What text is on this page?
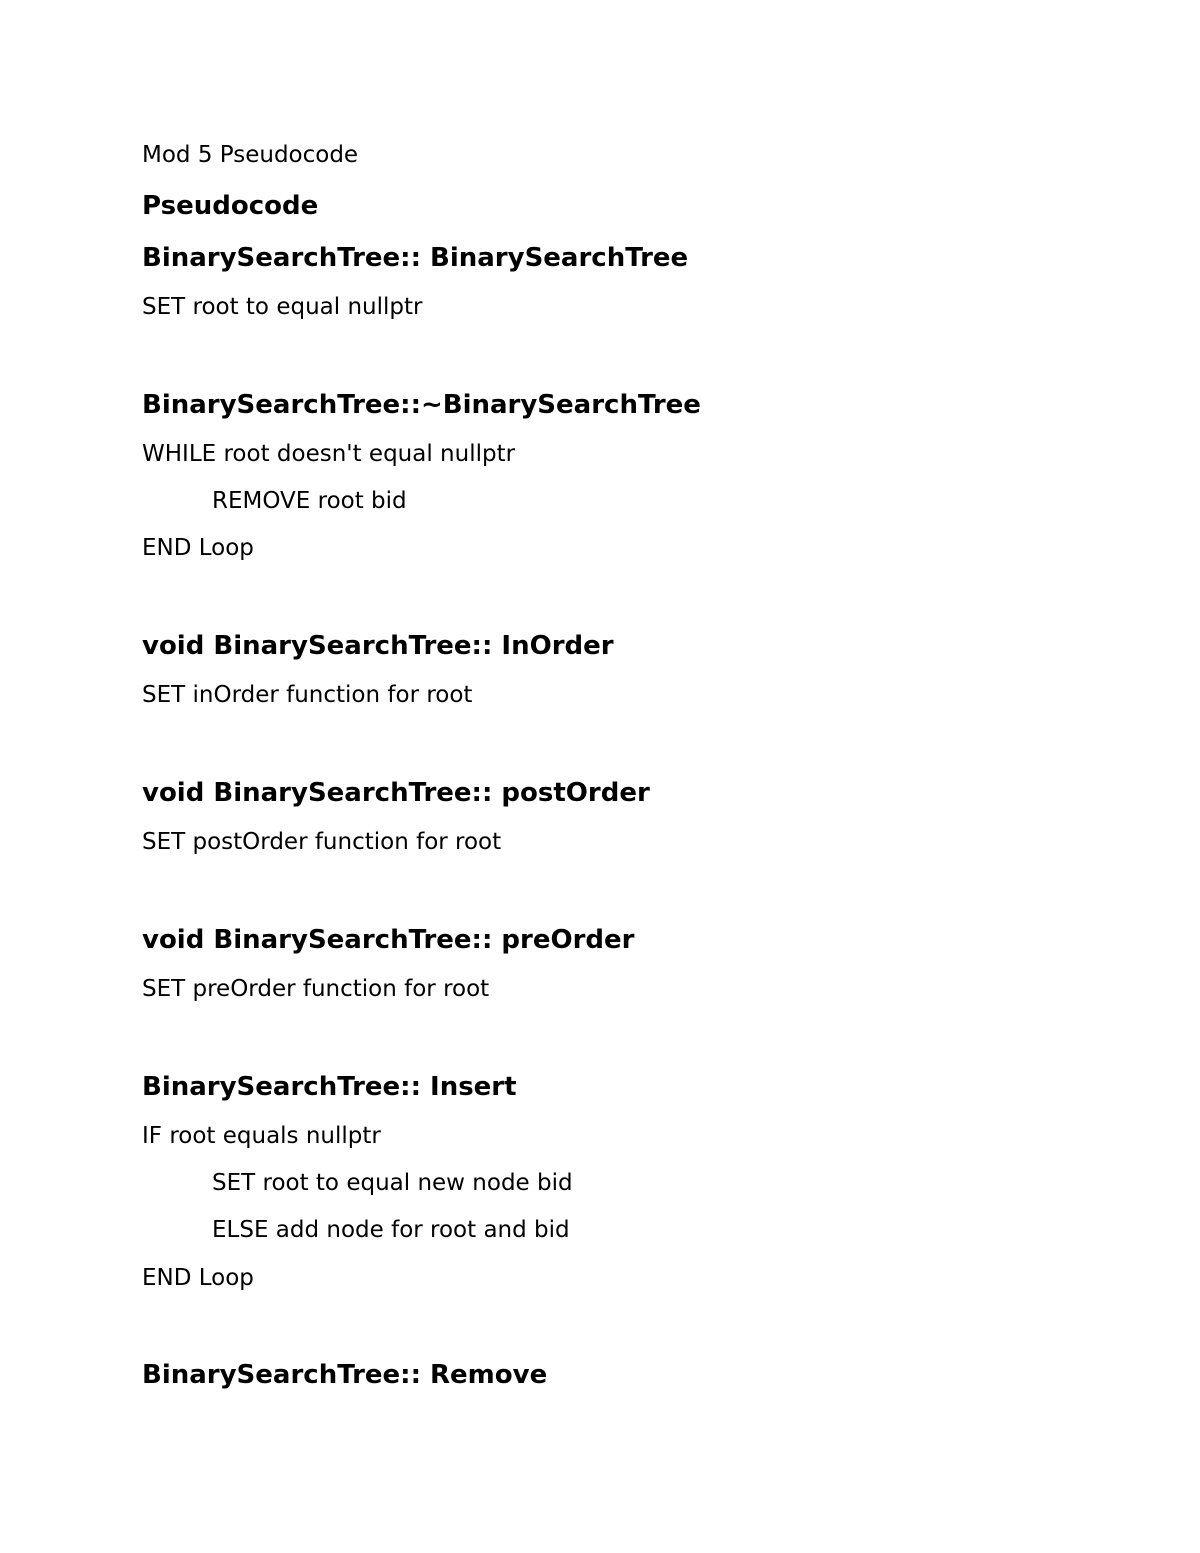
Mod 5 Pseudocode
Pseudocode
BinarySearchTree:: BinarySearchTree
SET root to equal nullptr
BinarySearchTree::~BinarySearchTree
WHILE root doesn't equal nullptr
REMOVE root bid
END Loop
void BinarySearchTree:: InOrder
SET inOrder function for root
void BinarySearchTree:: postOrder
SET postOrder function for root
void BinarySearchTree:: preOrder
SET preOrder function for root
BinarySearchTree:: Insert
IF root equals nullptr
SET root to equal new node bid
ELSE add node for root and bid
END Loop
BinarySearchTree:: Remove
